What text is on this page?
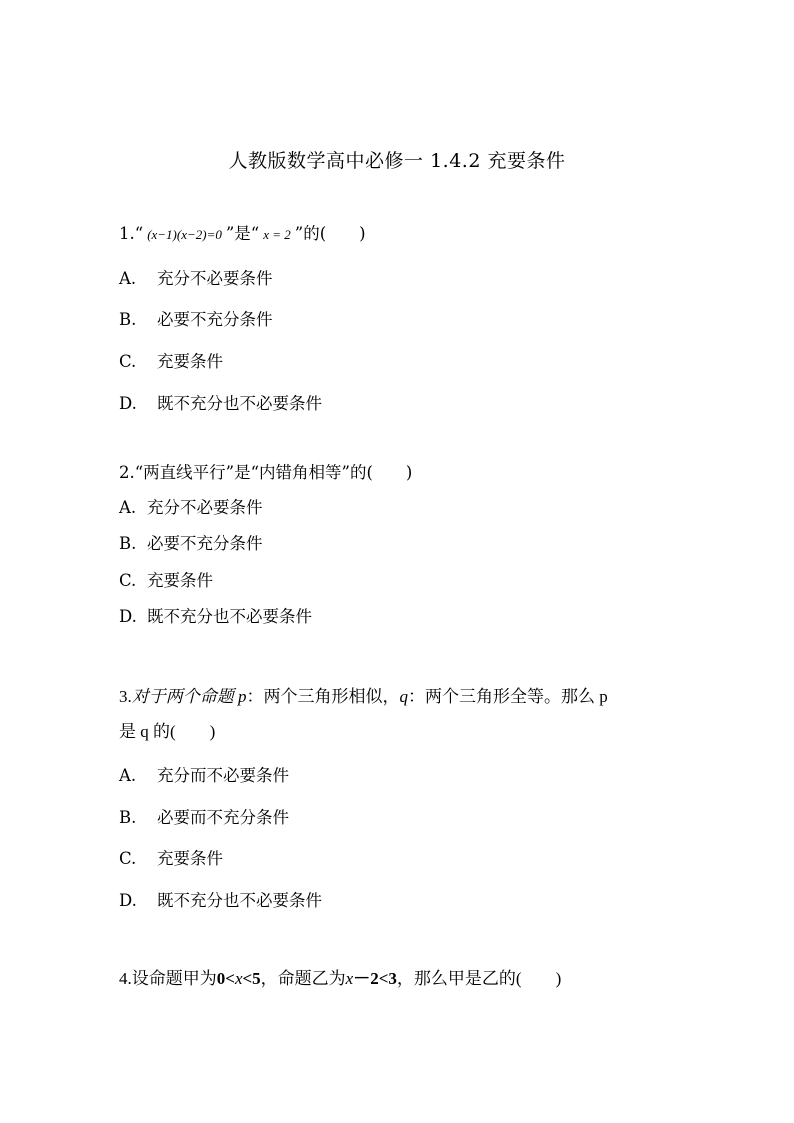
人教版数学高中必修一 1.4.2 充要条件
1.“ (x−1)(x−2)=0 ”是“ x = 2 ”的(　　)
A. 充分不必要条件
B. 必要不充分条件
C. 充要条件
D. 既不充分也不必要条件
2.“两直线平行”是“内错角相等”的(　　)
A. 充分不必要条件
B. 必要不充分条件
C. 充要条件
D. 既不充分也不必要条件
3.对于两个命题 p：两个三角形相似，q：两个三角形全等。那么 p
是 q 的(　　)
A. 充分而不必要条件
B. 必要而不充分条件
C. 充要条件
D. 既不充分也不必要条件
4.设命题甲为0<x<5，命题乙为x－2<3，那么甲是乙的(　　)
